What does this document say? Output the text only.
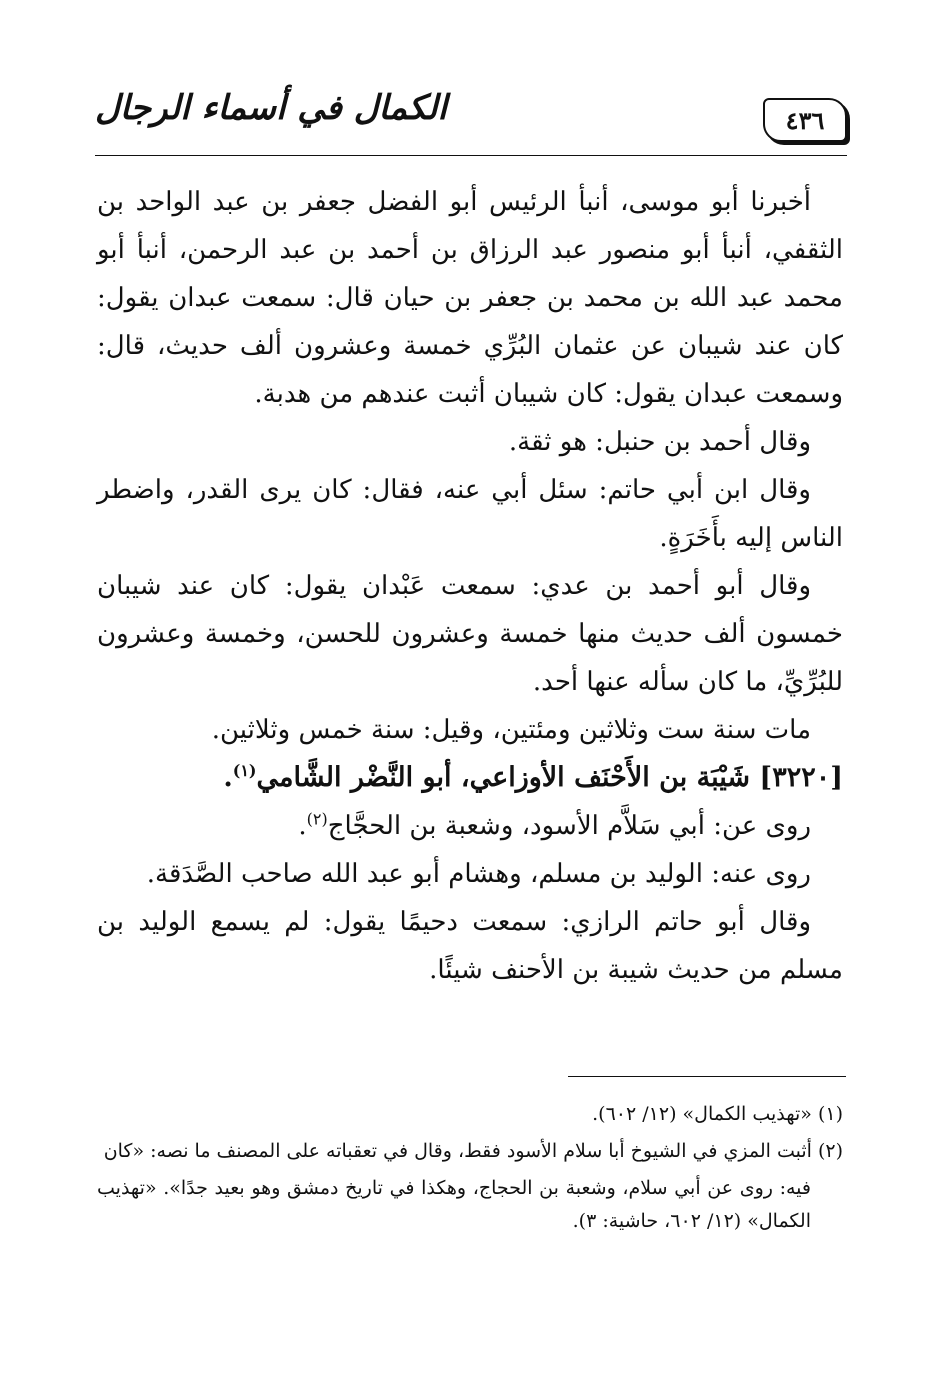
٤٣٦
الكمال في أسماء الرجال

أخبرنا أبو موسى، أنبأ الرئيس أبو الفضل جعفر بن عبد الواحد بن الثقفي، أنبأ أبو منصور عبد الرزاق بن أحمد بن عبد الرحمن، أنبأ أبو محمد عبد الله بن محمد بن جعفر بن حيان قال: سمعت عبدان يقول: كان عند شيبان عن عثمان البُرِّي خمسة وعشرون ألف حديث، قال: وسمعت عبدان يقول: كان شيبان أثبت عندهم من هدبة.

وقال أحمد بن حنبل: هو ثقة.

وقال ابن أبي حاتم: سئل أبي عنه، فقال: كان يرى القدر، واضطر الناس إليه بأَخَرَةٍ.

وقال أبو أحمد بن عدي: سمعت عَبْدان يقول: كان عند شيبان خمسون ألف حديث منها خمسة وعشرون للحسن، وخمسة وعشرون للبُرِّيِّ، ما كان سأله عنها أحد.

مات سنة ست وثلاثين ومئتين، وقيل: سنة خمس وثلاثين.

[٣٢٢٠] شَيْبَة بن الأَحْنَف الأوزاعي، أبو النَّضْر الشَّامي$^{(١)}$.

روى عن: أبي سَلاَّم الأسود، وشعبة بن الحجَّاج$^{(٢)}$.

روى عنه: الوليد بن مسلم، وهشام أبو عبد الله صاحب الصَّدَقة.

وقال أبو حاتم الرازي: سمعت دحيمًا يقول: لم يسمع الوليد بن مسلم من حديث شيبة بن الأحنف شيئًا.

(١) «تهذيب الكمال» (١٢/ ٦٠٢).

(٢) أثبت المزي في الشيوخ أبا سلام الأسود فقط، وقال في تعقباته على المصنف ما نصه: «كان

فيه: روى عن أبي سلام، وشعبة بن الحجاج، وهكذا في تاريخ دمشق وهو بعيد جدًا». «تهذيب الكمال» (١٢/ ٦٠٢، حاشية: ٣).
